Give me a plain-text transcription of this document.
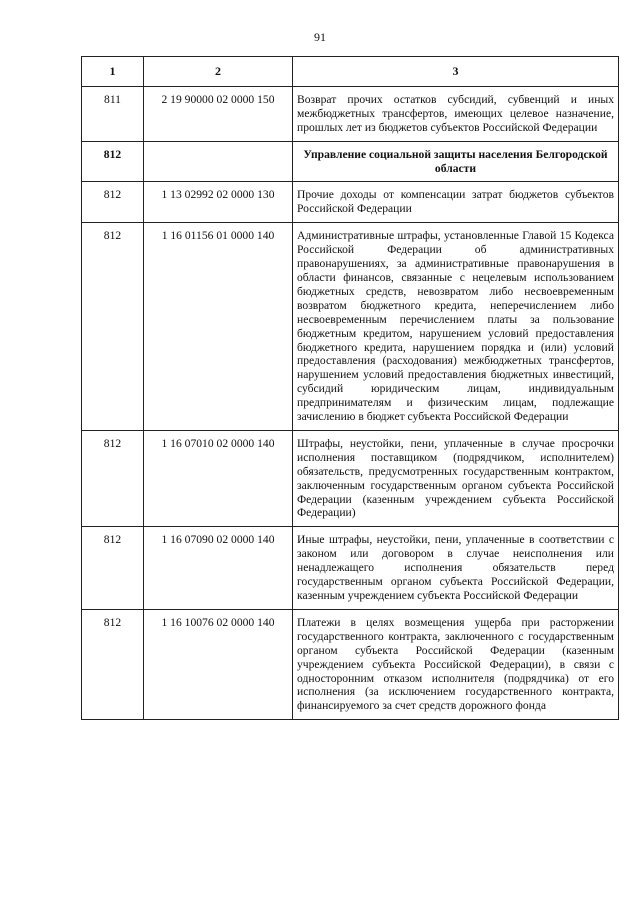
91
1	2	3
811	2 19 90000 02 0000 150	Возврат прочих остатков субсидий, субвенций и иных межбюджетных трансфертов, имеющих целевое назначение, прошлых лет из бюджетов субъектов Российской Федерации
812		Управление социальной защиты населения Белгородской области
812	1 13 02992 02 0000 130	Прочие доходы от компенсации затрат бюджетов субъектов Российской Федерации
812	1 16 01156 01 0000 140	Административные штрафы, установленные Главой 15 Кодекса Российской Федерации об административных правонарушениях, за административные правонарушения в области финансов, связанные с нецелевым использованием бюджетных средств, невозвратом либо несвоевременным возвратом бюджетного кредита, неперечислением либо несвоевременным перечислением платы за пользование бюджетным кредитом, нарушением условий предоставления бюджетного кредита, нарушением порядка и (или) условий предоставления (расходования) межбюджетных трансфертов, нарушением условий предоставления бюджетных инвестиций, субсидий юридическим лицам, индивидуальным предпринимателям и физическим лицам, подлежащие зачислению в бюджет субъекта Российской Федерации
812	1 16 07010 02 0000 140	Штрафы, неустойки, пени, уплаченные в случае просрочки исполнения поставщиком (подрядчиком, исполнителем) обязательств, предусмотренных государственным контрактом, заключенным государственным органом субъекта Российской Федерации (казенным учреждением субъекта Российской Федерации)
812	1 16 07090 02 0000 140	Иные штрафы, неустойки, пени, уплаченные в соответствии с законом или договором в случае неисполнения или ненадлежащего исполнения обязательств перед государственным органом субъекта Российской Федерации, казенным учреждением субъекта Российской Федерации
812	1 16 10076 02 0000 140	Платежи в целях возмещения ущерба при расторжении государственного контракта, заключенного с государственным органом субъекта Российской Федерации (казенным учреждением субъекта Российской Федерации), в связи с односторонним отказом исполнителя (подрядчика) от его исполнения (за исключением государственного контракта, финансируемого за счет средств дорожного фонда
